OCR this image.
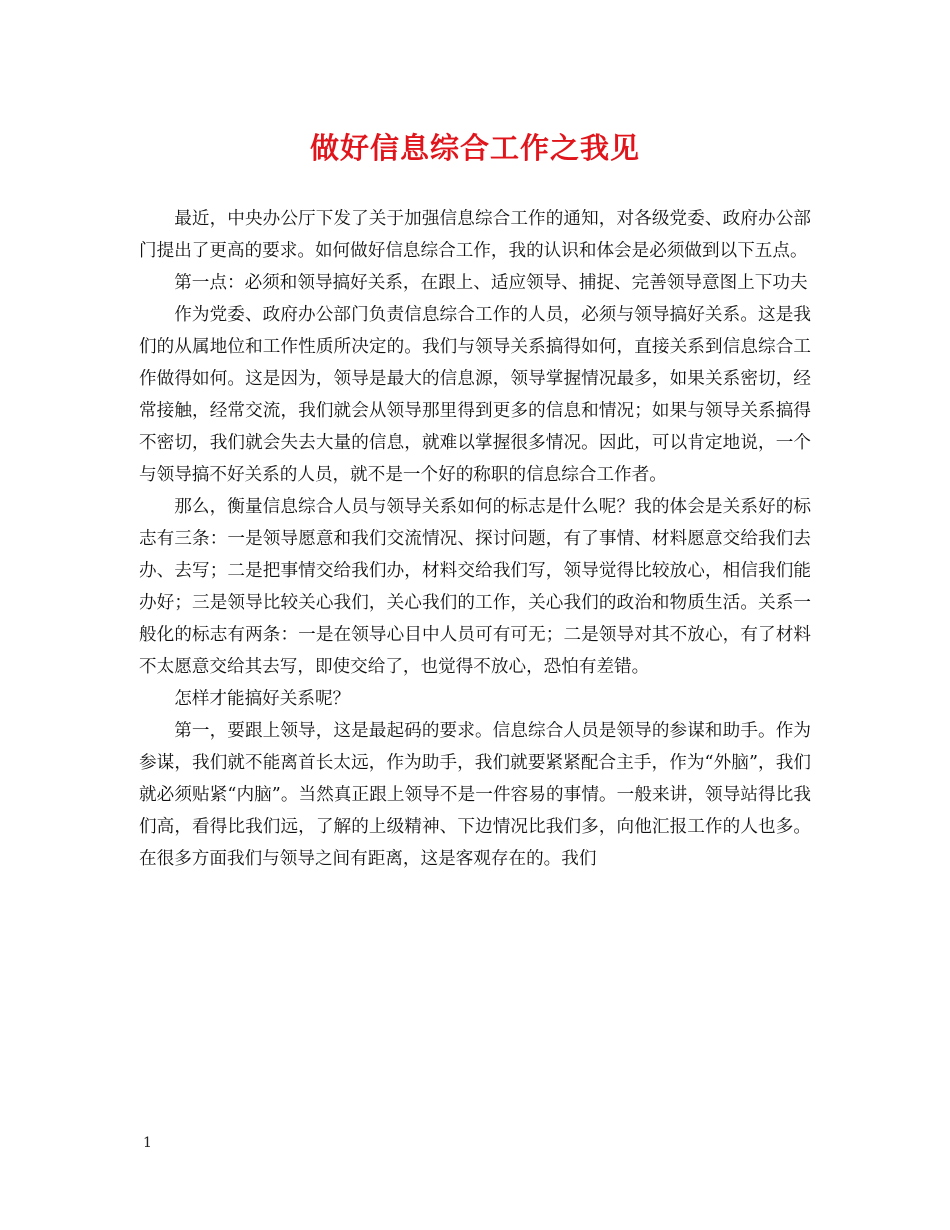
做好信息综合工作之我见

最近，中央办公厅下发了关于加强信息综合工作的通知，对各级党委、政府办公部门提出了更高的要求。如何做好信息综合工作，我的认识和体会是必须做到以下五点。

第一点：必须和领导搞好关系，在跟上、适应领导、捕捉、完善领导意图上下功夫

作为党委、政府办公部门负责信息综合工作的人员，必须与领导搞好关系。这是我们的从属地位和工作性质所决定的。我们与领导关系搞得如何，直接关系到信息综合工作做得如何。这是因为，领导是最大的信息源，领导掌握情况最多，如果关系密切，经常接触，经常交流，我们就会从领导那里得到更多的信息和情况；如果与领导关系搞得不密切，我们就会失去大量的信息，就难以掌握很多情况。因此，可以肯定地说，一个与领导搞不好关系的人员，就不是一个好的称职的信息综合工作者。

那么，衡量信息综合人员与领导关系如何的标志是什么呢？我的体会是关系好的标志有三条：一是领导愿意和我们交流情况、探讨问题，有了事情、材料愿意交给我们去办、去写；二是把事情交给我们办，材料交给我们写，领导觉得比较放心，相信我们能办好；三是领导比较关心我们，关心我们的工作，关心我们的政治和物质生活。关系一般化的标志有两条：一是在领导心目中人员可有可无；二是领导对其不放心，有了材料不太愿意交给其去写，即使交给了，也觉得不放心，恐怕有差错。

怎样才能搞好关系呢？

第一，要跟上领导，这是最起码的要求。信息综合人员是领导的参谋和助手。作为参谋，我们就不能离首长太远，作为助手，我们就要紧紧配合主手，作为“外脑”，我们就必须贴紧“内脑”。当然真正跟上领导不是一件容易的事情。一般来讲，领导站得比我们高，看得比我们远，了解的上级精神、下边情况比我们多，向他汇报工作的人也多。在很多方面我们与领导之间有距离，这是客观存在的。我们

1
